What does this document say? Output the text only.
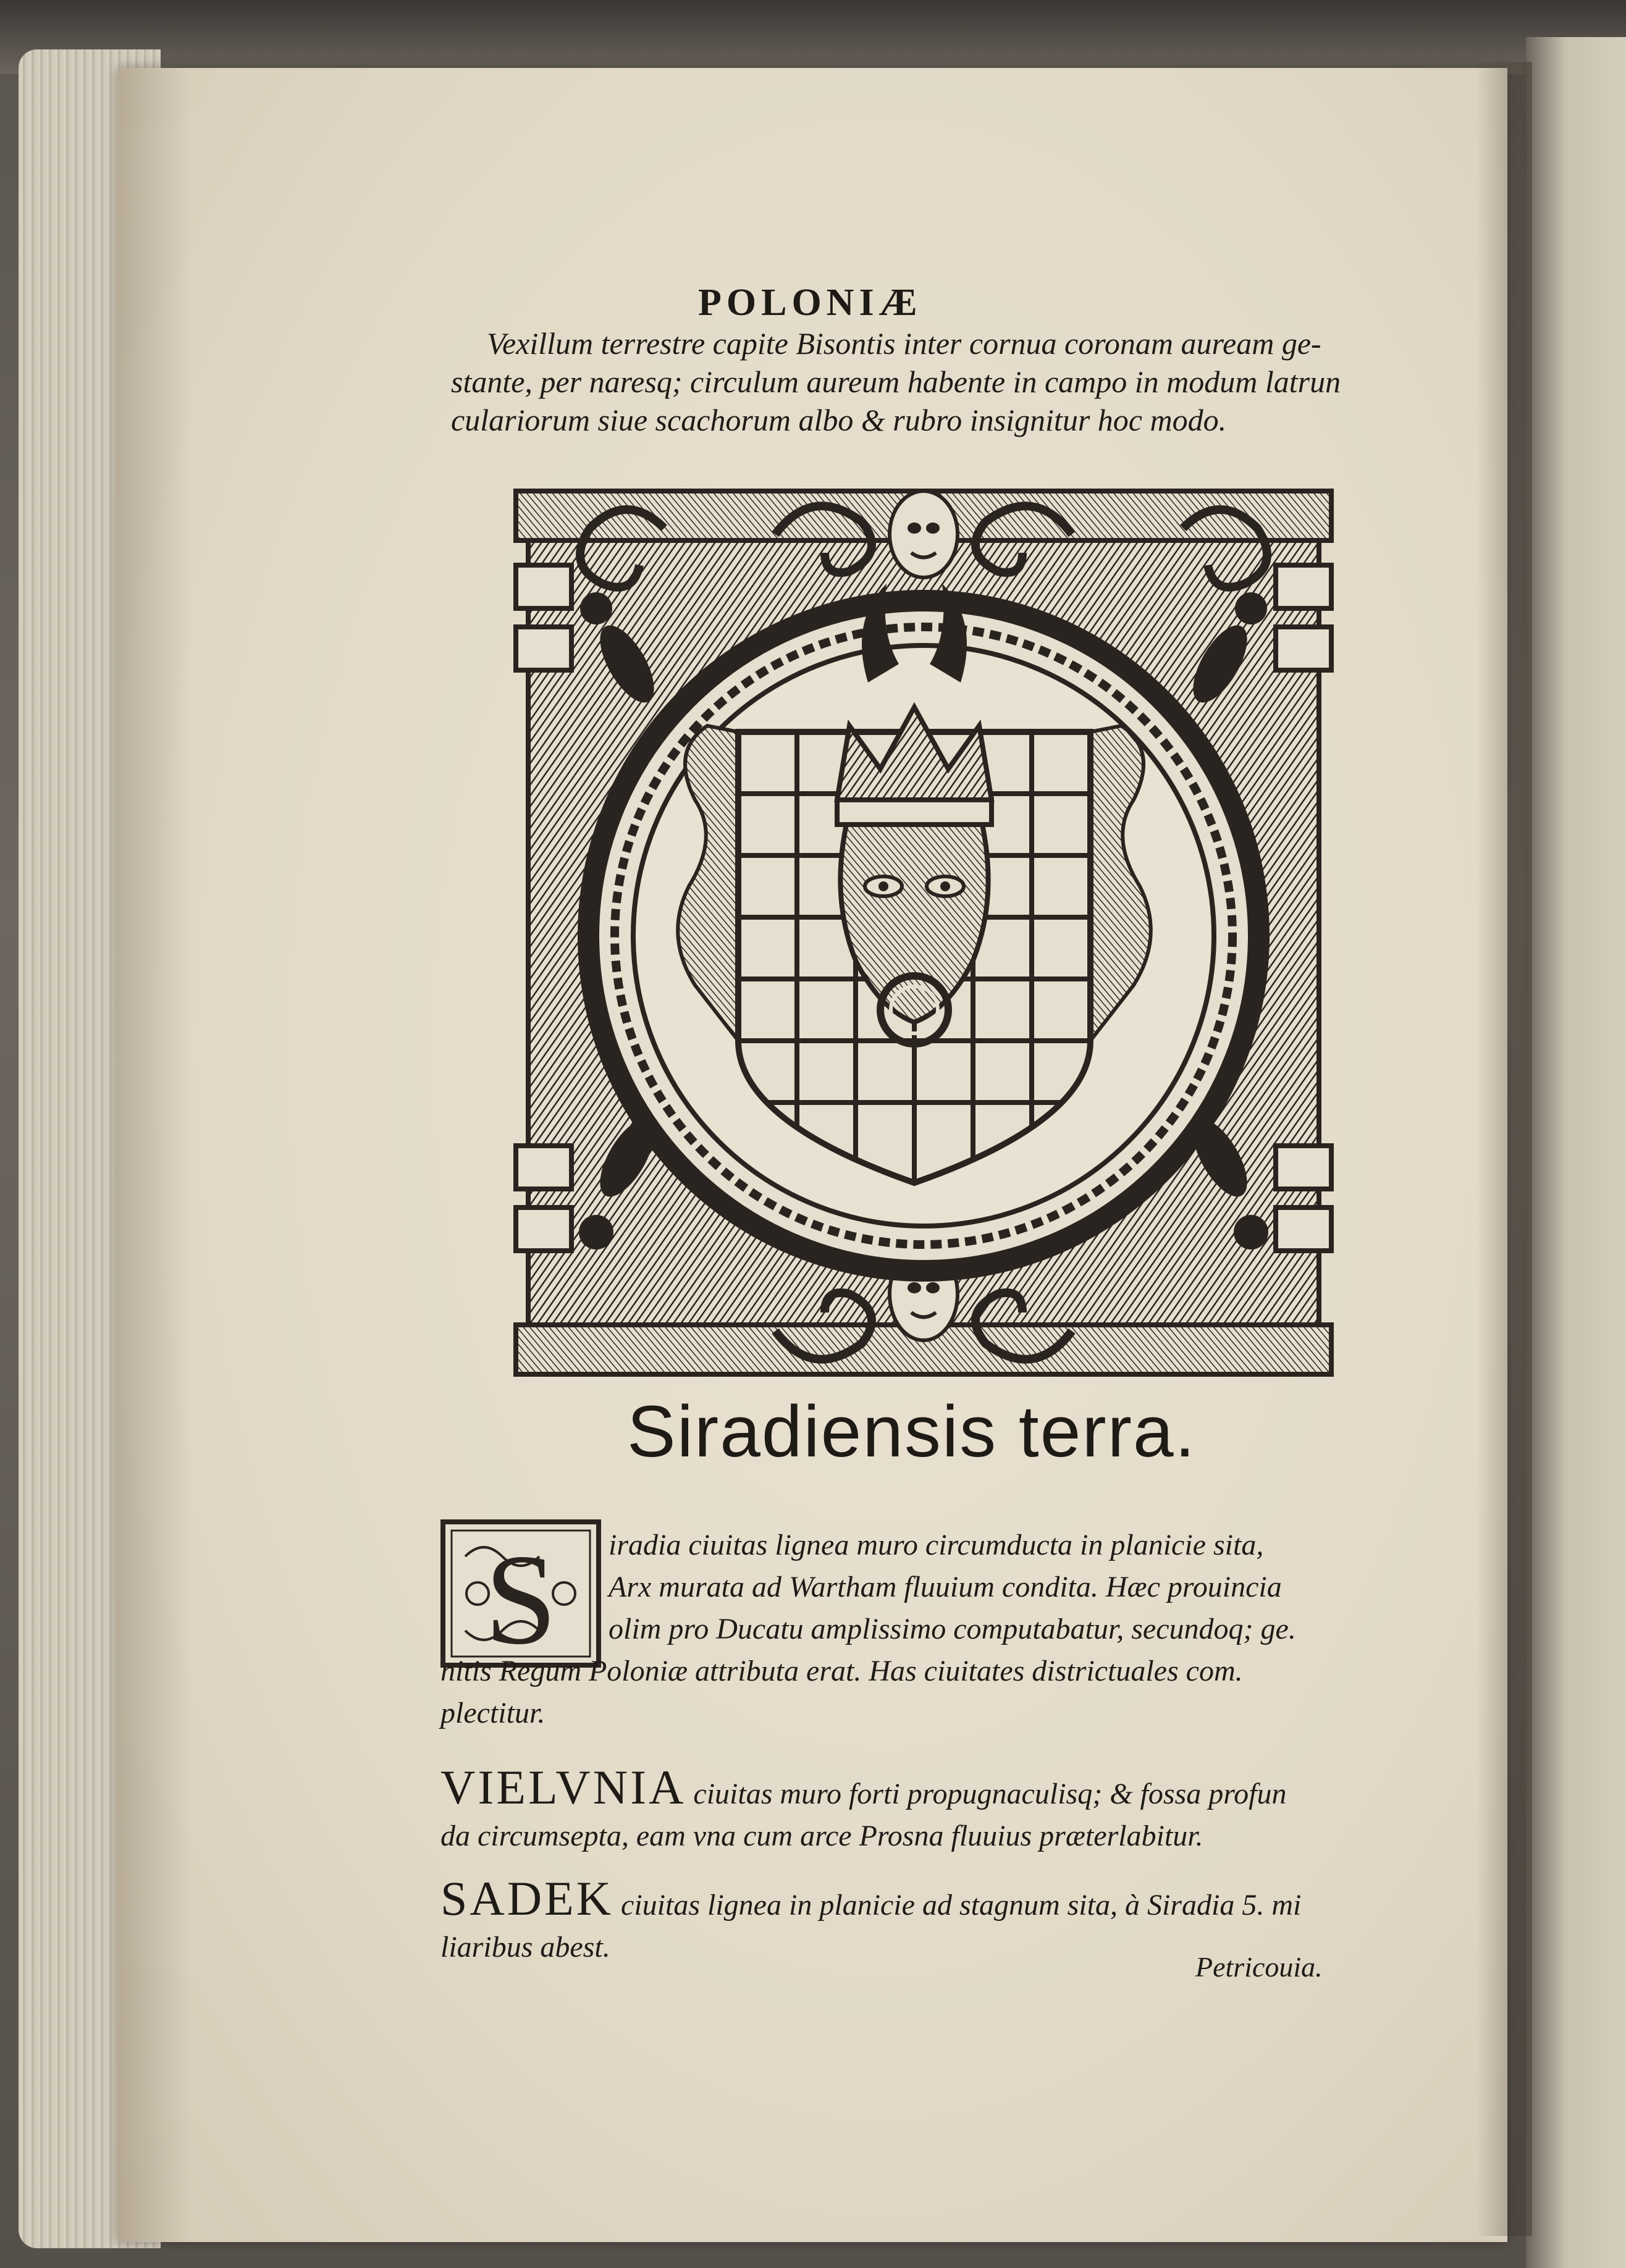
POLONIÆ
Vexillum terrestre capite Bisontis inter cornua coronam auream ge-
stante, per naresq; circulum aureum habente in campo in modum latrun
culariorum siue scachorum albo & rubro insignitur hoc modo.
Siradiensis terra.
S iradia ciuitas lignea muro circumducta in planicie sita,
Arx murata ad Wartham fluuium condita. Hæc prouincia
olim pro Ducatu amplissimo computabatur, secundoq; ge.
nitis Regum Poloniæ attributa erat. Has ciuitates districtuales com.
plectitur.
VIELVNIA ciuitas muro forti propugnaculisq; & fossa profun
da circumsepta, eam vna cum arce Prosna fluuius præterlabitur.
SADEK ciuitas lignea in planicie ad stagnum sita, à Siradia 5. mi
liaribus abest.
Petricouia.
